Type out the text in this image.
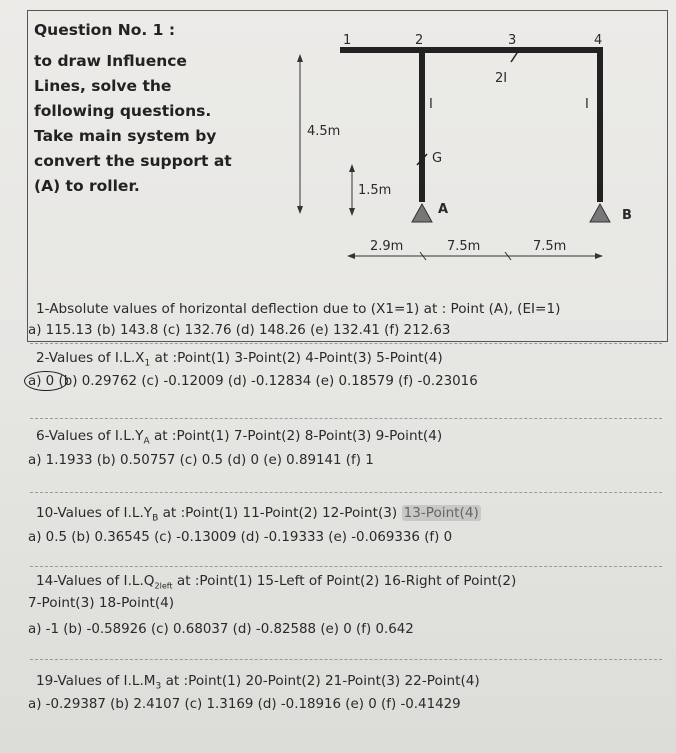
Question No. 1 :
to draw Influence
Lines, solve the
following questions.
Take main system by
convert the support at
(A) to roller.
1	2	3	4
2I
I	I
G
A	B
4.5m
1.5m
2.9m	7.5m	7.5m
1-Absolute values of horizontal deflection due to (X1=1) at : Point (A), (EI=1)
a) 115.13 (b) 143.8 (c) 132.76 (d) 148.26 (e) 132.41 (f) 212.63
2-Values of $I.L.X_1$ at :Point(1) 3-Point(2) 4-Point(3) 5-Point(4)
a) 0 (b) 0.29762 (c) -0.12009 (d) -0.12834 (e) 0.18579 (f) -0.23016
6-Values of $I.L.Y_A$ at :Point(1) 7-Point(2) 8-Point(3) 9-Point(4)
a) 1.1933 (b) 0.50757 (c) 0.5 (d) 0 (e) 0.89141 (f) 1
10-Values of $I.L.Y_B$ at :Point(1) 11-Point(2) 12-Point(3) 13-Point(4)
a) 0.5 (b) 0.36545 (c) -0.13009 (d) -0.19333 (e) -0.069336 (f) 0
14-Values of $I.L.Q_{2left}$ at :Point(1) 15-Left of Point(2) 16-Right of Point(2)
7-Point(3) 18-Point(4)
a) -1 (b) -0.58926 (c) 0.68037 (d) -0.82588 (e) 0 (f) 0.642
19-Values of $I.L.M_3$ at :Point(1) 20-Point(2) 21-Point(3) 22-Point(4)
a) -0.29387 (b) 2.4107 (c) 1.3169 (d) -0.18916 (e) 0 (f) -0.41429
